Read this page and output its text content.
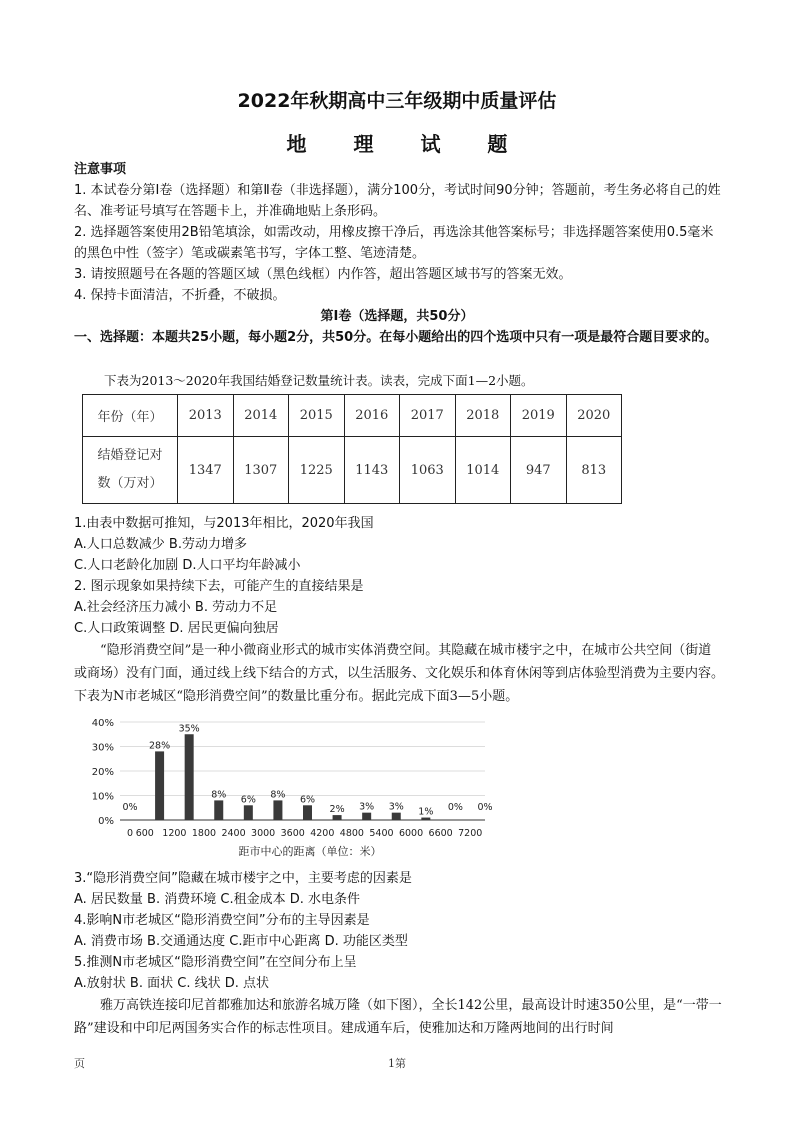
2022年秋期高中三年级期中质量评估
地 理 试 题
注意事项
1. 本试卷分第Ⅰ卷（选择题）和第Ⅱ卷（非选择题），满分100分，考试时间90分钟；答题前，考生务必将自己的姓名、准考证号填写在答题卡上，并准确地贴上条形码。
2. 选择题答案使用2B铅笔填涂，如需改动，用橡皮擦干净后，再选涂其他答案标号；非选择题答案使用0.5毫米的黑色中性（签字）笔或碳素笔书写，字体工整、笔迹清楚。
3. 请按照题号在各题的答题区域（黑色线框）内作答，超出答题区域书写的答案无效。
4. 保持卡面清洁，不折叠，不破损。
第Ⅰ卷（选择题，共50分）
一、选择题：本题共25小题，每小题2分，共50分。在每小题给出的四个选项中只有一项是最符合题目要求的。
下表为2013～2020年我国结婚登记数量统计表。读表，完成下面1—2小题。
年份（年）	2013	2014	2015	2016	2017	2018	2019	2020
结婚登记对
数（万对）	1347	1307	1225	1143	1063	1014	947	813
1.由表中数据可推知，与2013年相比，2020年我国
A.人口总数减少 B.劳动力增多
C.人口老龄化加剧 D.人口平均年龄减小
2. 图示现象如果持续下去，可能产生的直接结果是
A.社会经济压力减小 B. 劳动力不足
C.人口政策调整 D. 居民更偏向独居
“隐形消费空间”是一种小微商业形式的城市实体消费空间。其隐藏在城市楼宇之中，在城市公共空间（街道或商场）没有门面，通过线上线下结合的方式，以生活服务、文化娱乐和体育休闲等到店体验型消费为主要内容。下表为N市老城区“隐形消费空间”的数量比重分布。据此完成下面3—5小题。
0%
10%
20%
30%
40%
0%
28%
35%
8% 6% 8% 6%
2% 3% 3% 1% 0% 0%
0 600 1200 1800 2400 3000 3600 4200 4800 5400 6000 6600 7200
距市中心的距离（单位：米）
3.“隐形消费空间”隐藏在城市楼宇之中，主要考虑的因素是
A. 居民数量 B. 消费环境 C.租金成本 D. 水电条件
4.影响N市老城区“隐形消费空间”分布的主导因素是
A. 消费市场 B.交通通达度 C.距市中心距离 D. 功能区类型
5.推测N市老城区“隐形消费空间”在空间分布上呈
A.放射状 B. 面状 C. 线状 D. 点状
雅万高铁连接印尼首都雅加达和旅游名城万隆（如下图），全长142公里，最高设计时速350公里，是“一带一路”建设和中印尼两国务实合作的标志性项目。建成通车后，使雅加达和万隆两地间的出行时间
页	1第
